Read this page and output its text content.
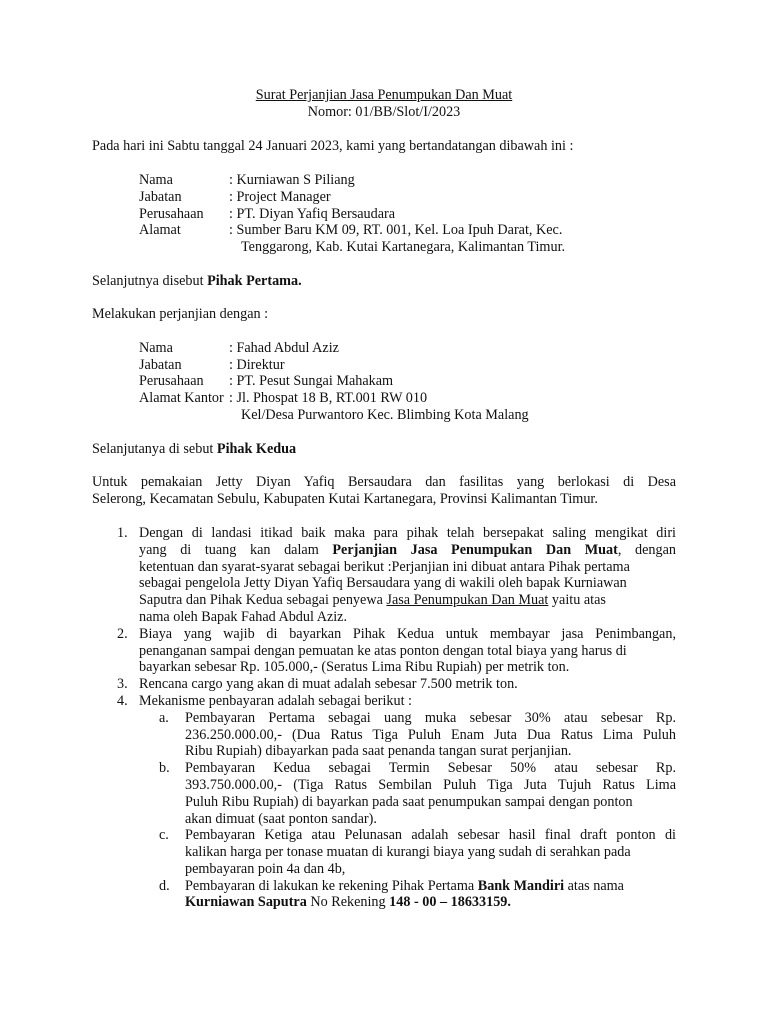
Surat Perjanjian Jasa Penumpukan Dan Muat
Nomor: 01/BB/Slot/I/2023
Pada hari ini Sabtu tanggal 24 Januari 2023, kami yang bertandatangan dibawah ini :
Nama	: Kurniawan S Piliang
Jabatan	: Project Manager
Perusahaan : PT. Diyan Yafiq Bersaudara
Alamat	: Sumber Baru KM 09, RT. 001, Kel. Loa Ipuh Darat, Kec.
Tenggarong, Kab. Kutai Kartanegara, Kalimantan Timur.
Selanjutnya disebut Pihak Pertama.
Melakukan perjanjian dengan :
Nama	: Fahad Abdul Aziz
Jabatan	: Direktur
Perusahaan : PT. Pesut Sungai Mahakam
Alamat Kantor : Jl. Phospat 18 B, RT.001 RW 010
Kel/Desa Purwantoro Kec. Blimbing Kota Malang
Selanjutanya di sebut Pihak Kedua
Untuk pemakaian Jetty Diyan Yafiq Bersaudara dan fasilitas yang berlokasi di Desa
Selerong, Kecamatan Sebulu, Kabupaten Kutai Kartanegara, Provinsi Kalimantan Timur.
1. Dengan di landasi itikad baik maka para pihak telah bersepakat saling mengikat diri
yang di tuang kan dalam Perjanjian Jasa Penumpukan Dan Muat, dengan
ketentuan dan syarat-syarat sebagai berikut :Perjanjian ini dibuat antara Pihak pertama
sebagai pengelola Jetty Diyan Yafiq Bersaudara yang di wakili oleh bapak Kurniawan
Saputra dan Pihak Kedua sebagai penyewa Jasa Penumpukan Dan Muat yaitu atas
nama oleh Bapak Fahad Abdul Aziz.
2. Biaya yang wajib di bayarkan Pihak Kedua untuk membayar jasa Penimbangan,
penanganan sampai dengan pemuatan ke atas ponton dengan total biaya yang harus di
bayarkan sebesar Rp. 105.000,- (Seratus Lima Ribu Rupiah) per metrik ton.
3. Rencana cargo yang akan di muat adalah sebesar 7.500 metrik ton.
4. Mekanisme penbayaran adalah sebagai berikut :
a. Pembayaran Pertama sebagai uang muka sebesar 30% atau sebesar Rp.
236.250.000.00,- (Dua Ratus Tiga Puluh Enam Juta Dua Ratus Lima Puluh
Ribu Rupiah) dibayarkan pada saat penanda tangan surat perjanjian.
b. Pembayaran Kedua sebagai Termin Sebesar 50% atau sebesar Rp.
393.750.000.00,- (Tiga Ratus Sembilan Puluh Tiga Juta Tujuh Ratus Lima
Puluh Ribu Rupiah) di bayarkan pada saat penumpukan sampai dengan ponton
akan dimuat (saat ponton sandar).
c. Pembayaran Ketiga atau Pelunasan adalah sebesar hasil final draft ponton di
kalikan harga per tonase muatan di kurangi biaya yang sudah di serahkan pada
pembayaran poin 4a dan 4b,
d. Pembayaran di lakukan ke rekening Pihak Pertama Bank Mandiri atas nama
Kurniawan Saputra No Rekening 148 - 00 – 18633159.
